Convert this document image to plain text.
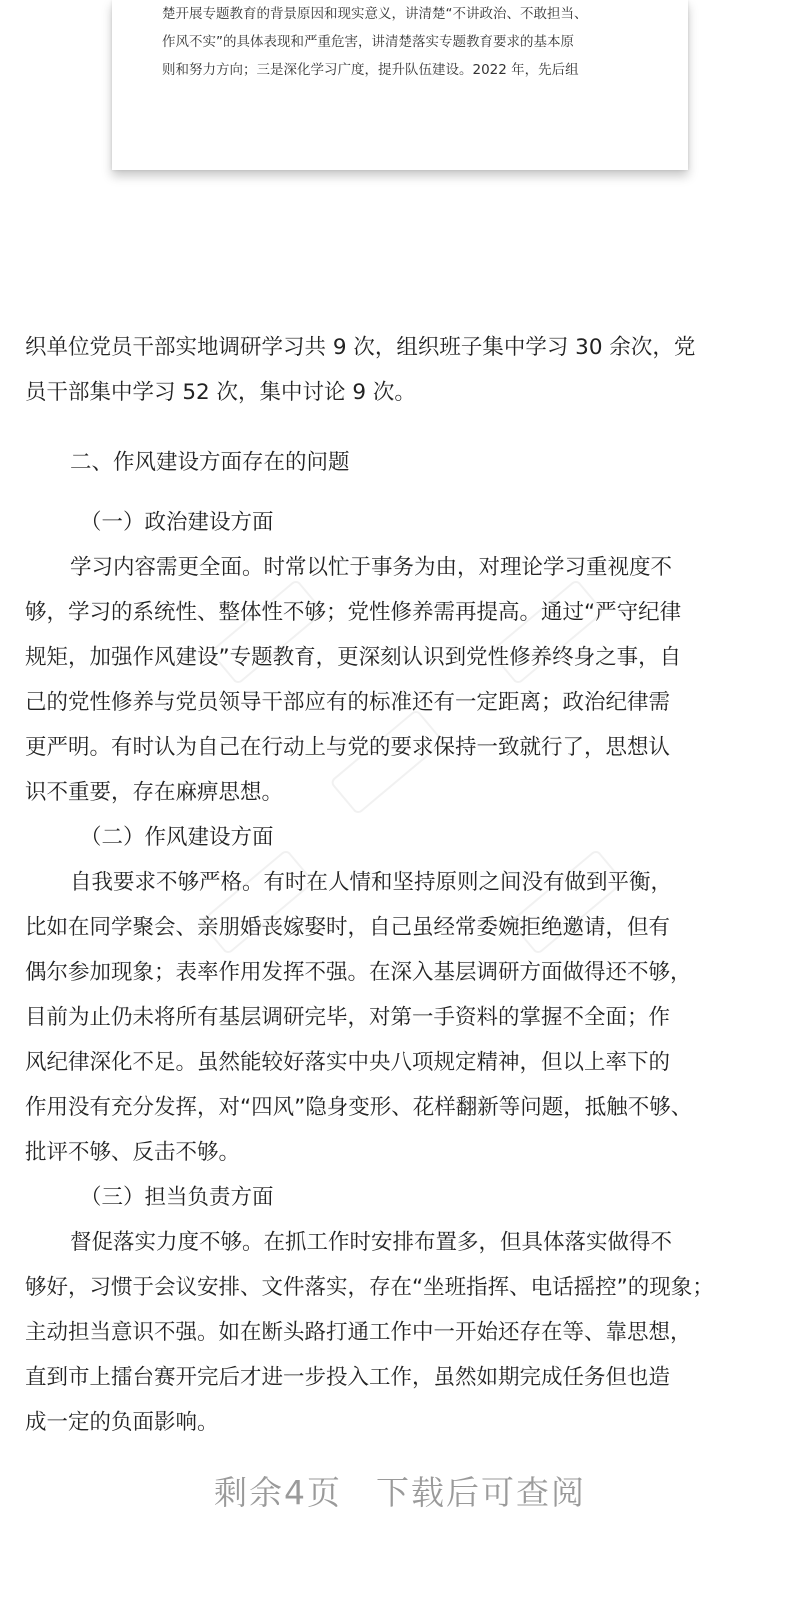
楚开展专题教育的背景原因和现实意义，讲清楚“不讲政治、不敢担当、
作风不实”的具体表现和严重危害，讲清楚落实专题教育要求的基本原
则和努力方向；三是深化学习广度，提升队伍建设。2022 年，先后组
织单位党员干部实地调研学习共 9 次，组织班子集中学习 30 余次，党
员干部集中学习 52 次，集中讨论 9 次。
二、作风建设方面存在的问题
（一）政治建设方面
学习内容需更全面。时常以忙于事务为由，对理论学习重视度不
够，学习的系统性、整体性不够；党性修养需再提高。通过“严守纪律
规矩，加强作风建设”专题教育，更深刻认识到党性修养终身之事，自
己的党性修养与党员领导干部应有的标准还有一定距离；政治纪律需
更严明。有时认为自己在行动上与党的要求保持一致就行了，思想认
识不重要，存在麻痹思想。
（二）作风建设方面
自我要求不够严格。有时在人情和坚持原则之间没有做到平衡，
比如在同学聚会、亲朋婚丧嫁娶时，自己虽经常委婉拒绝邀请，但有
偶尔参加现象；表率作用发挥不强。在深入基层调研方面做得还不够，
目前为止仍未将所有基层调研完毕，对第一手资料的掌握不全面；作
风纪律深化不足。虽然能较好落实中央八项规定精神，但以上率下的
作用没有充分发挥，对“四风”隐身变形、花样翻新等问题，抵触不够、
批评不够、反击不够。
（三）担当负责方面
督促落实力度不够。在抓工作时安排布置多，但具体落实做得不
够好，习惯于会议安排、文件落实，存在“坐班指挥、电话摇控”的现象；
主动担当意识不强。如在断头路打通工作中一开始还存在等、靠思想，
直到市上擂台赛开完后才进一步投入工作，虽然如期完成任务但也造
成一定的负面影响。
剩余4页 下载后可查阅
